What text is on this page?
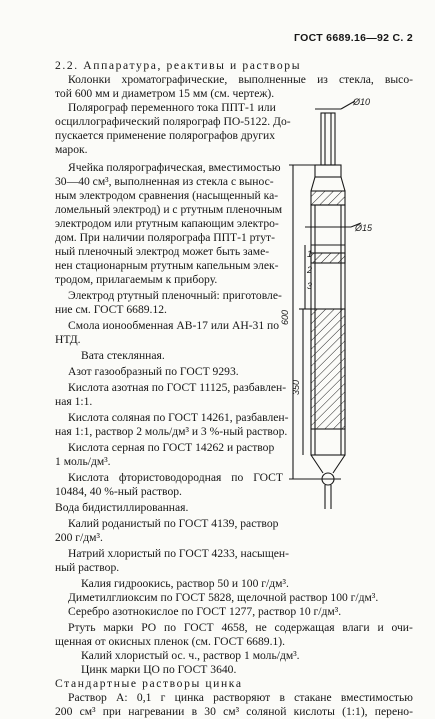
ГОСТ 6689.16—92 С. 2
2.2. Аппаратура, реактивы и растворы
Колонки хроматографические, выполненные из стекла, высо-
той 600 мм и диаметром 15 мм (см. чертеж).
Полярограф переменного тока ППТ-1 или
осциллографический полярограф ПО-5122. До-
пускается применение полярографов других
марок.
Ячейка полярографическая, вместимостью
30—40 см³, выполненная из стекла с вынос-
ным электродом сравнения (насыщенный ка-
ломельный электрод) и с ртутным пленочным
электродом или ртутным капающим электро-
дом. При наличии полярографа ППТ-1 ртут-
ный пленочный электрод может быть заме-
нен стационарным ртутным капельным элек-
тродом, прилагаемым к прибору.
Электрод ртутный пленочный: приготовле-
ние см. ГОСТ 6689.12.
Смола ионообменная АВ-17 или АН-31 по
НТД.
Вата стеклянная.
Азот газообразный по ГОСТ 9293.
Кислота азотная по ГОСТ 11125, разбавлен-
ная 1:1.
Кислота соляная по ГОСТ 14261, разбавлен-
ная 1:1, раствор 2 моль/дм³ и 3 %-ный раствор.
Кислота серная по ГОСТ 14262 и раствор
1 моль/дм³.
Кислота фтористоводородная по ГОСТ
10484, 40 %-ный раствор.
Вода бидистиллированная.
Калий роданистый по ГОСТ 4139, раствор
200 г/дм³.
Натрий хлористый по ГОСТ 4233, насыщен-
ный раствор.
Калия гидроокись, раствор 50 и 100 г/дм³.
Диметилглиоксим по ГОСТ 5828, щелочной раствор 100 г/дм³.
Серебро азотнокислое по ГОСТ 1277, раствор 10 г/дм³.
Ртуть марки РО по ГОСТ 4658, не содержащая влаги и очи-
щенная от окисных пленок (см. ГОСТ 6689.1).
Калий хлористый ос. ч., раствор 1 моль/дм³.
Цинк марки ЦО по ГОСТ 3640.
Стандартные растворы цинка
Раствор А: 0,1 г цинка растворяют в стакане вместимостью
200 см³ при нагревании в 30 см³ соляной кислоты (1:1), перено-
Ø10
Ø15
600
350
1
2
3
